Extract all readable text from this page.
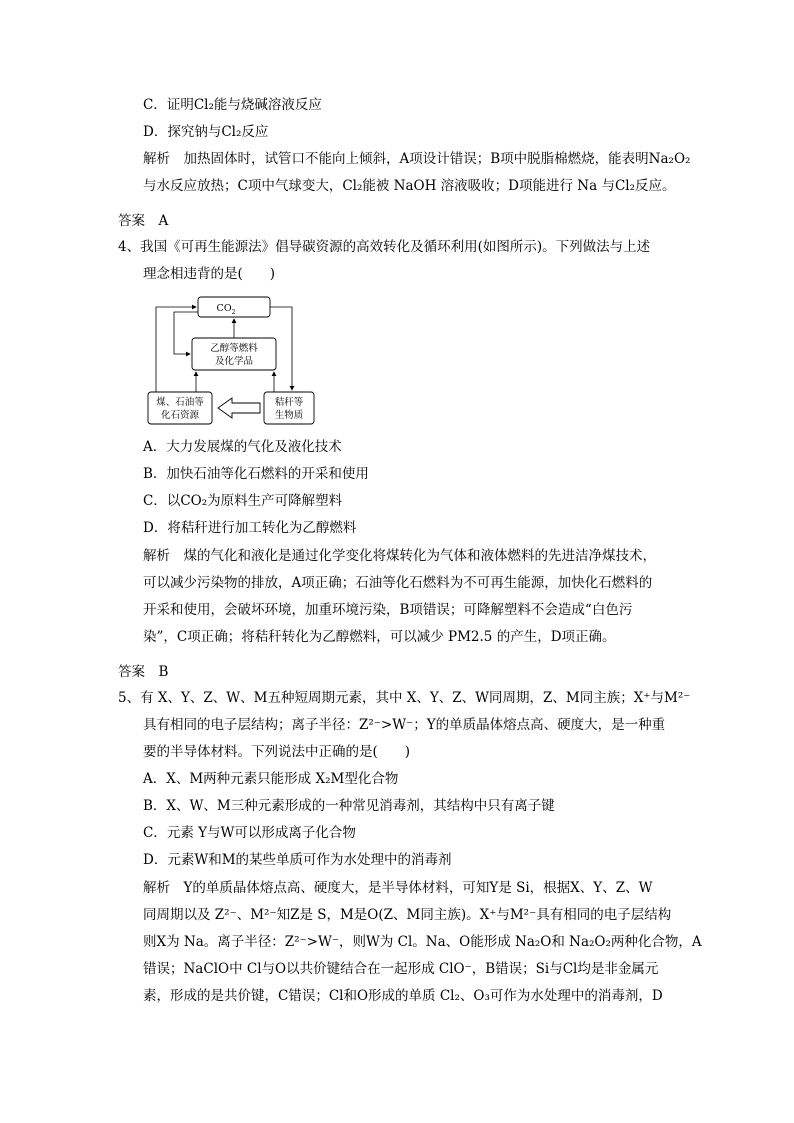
C．证明Cl₂能与烧碱溶液反应
D．探究钠与Cl₂反应
解析　加热固体时，试管口不能向上倾斜，A项设计错误；B项中脱脂棉燃烧，能表明Na₂O₂
与水反应放热；C项中气球变大，Cl₂能被 NaOH 溶液吸收；D项能进行 Na 与Cl₂反应。
答案　A
4、我国《可再生能源法》倡导碳资源的高效转化及循环利用(如图所示)。下列做法与上述
理念相违背的是(　　)
$CO_2$
乙醇等燃料
及化学品
煤、石油等
化石资源
秸秆等
生物质
A．大力发展煤的气化及液化技术
B．加快石油等化石燃料的开采和使用
C．以CO₂为原料生产可降解塑料
D．将秸秆进行加工转化为乙醇燃料
解析　煤的气化和液化是通过化学变化将煤转化为气体和液体燃料的先进洁净煤技术，
可以减少污染物的排放，A项正确；石油等化石燃料为不可再生能源，加快化石燃料的
开采和使用，会破坏环境，加重环境污染，B项错误；可降解塑料不会造成“白色污
染”，C项正确；将秸秆转化为乙醇燃料，可以减少 PM2.5 的产生，D项正确。
答案　B
5、有 X、Y、Z、W、M五种短周期元素，其中 X、Y、Z、W同周期，Z、M同主族；X⁺与M²⁻
具有相同的电子层结构；离子半径：Z²⁻>W⁻；Y的单质晶体熔点高、硬度大，是一种重
要的半导体材料。下列说法中正确的是(　　)
A．X、M两种元素只能形成 X₂M型化合物
B．X、W、M三种元素形成的一种常见消毒剂，其结构中只有离子键
C．元素 Y与W可以形成离子化合物
D．元素W和M的某些单质可作为水处理中的消毒剂
解析　Y的单质晶体熔点高、硬度大，是半导体材料，可知Y是 Si，根据X、Y、Z、W
同周期以及 Z²⁻、M²⁻知Z是 S，M是O(Z、M同主族)。X⁺与M²⁻具有相同的电子层结构
则X为 Na。离子半径：Z²⁻>W⁻，则W为 Cl。Na、O能形成 Na₂O和 Na₂O₂两种化合物，A
错误；NaClO中 Cl与O以共价键结合在一起形成 ClO⁻，B错误；Si与Cl均是非金属元
素，形成的是共价键，C错误；Cl和O形成的单质 Cl₂、O₃可作为水处理中的消毒剂，D
